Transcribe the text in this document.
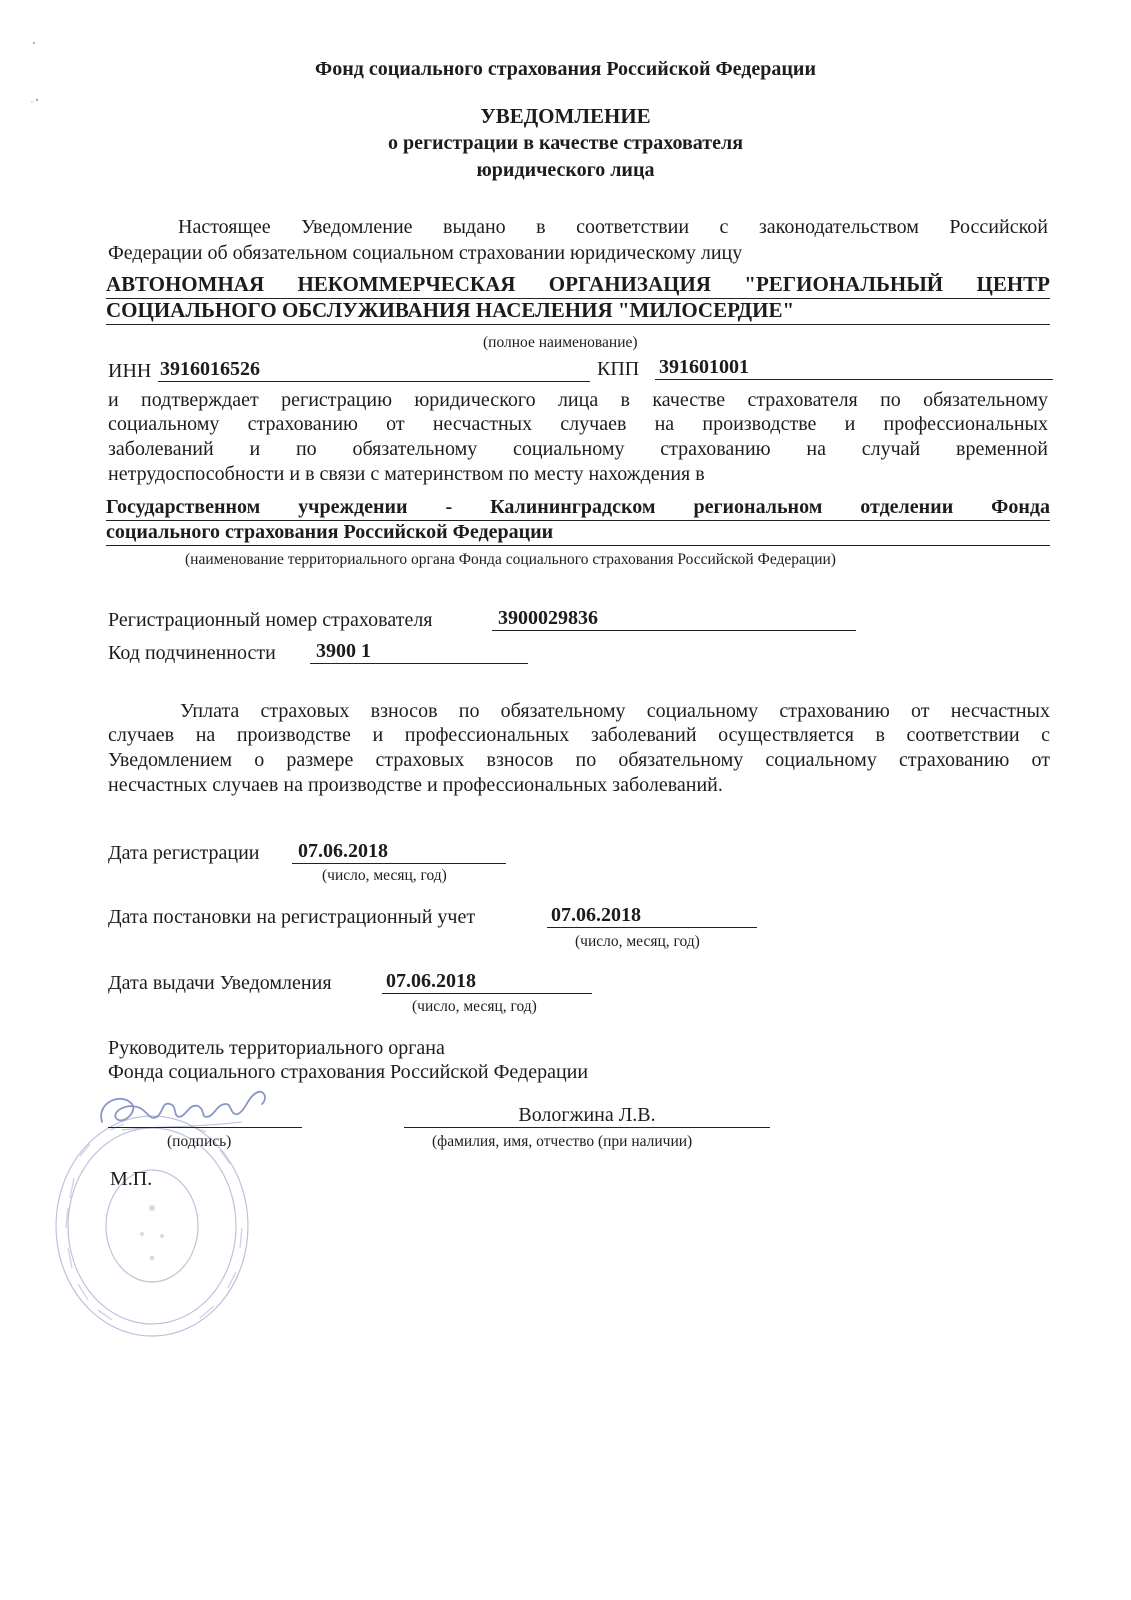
Фонд социального страхования Российской Федерации
УВЕДОМЛЕНИЕ
о регистрации в качестве страхователя
юридического лица
Настоящее Уведомление выдано в соответствии с законодательством Российской
Федерации об обязательном социальном страховании юридическому лицу
АВТОНОМНАЯ НЕКОММЕРЧЕСКАЯ ОРГАНИЗАЦИЯ "РЕГИОНАЛЬНЫЙ ЦЕНТР
СОЦИАЛЬНОГО ОБСЛУЖИВАНИЯ НАСЕЛЕНИЯ "МИЛОСЕРДИЕ"
(полное наименование)
ИНН 3916016526	КПП 391601001
и подтверждает регистрацию юридического лица в качестве страхователя по обязательному
социальному страхованию от несчастных случаев на производстве и профессиональных
заболеваний и по обязательному социальному страхованию на случай временной
нетрудоспособности и в связи с материнством по месту нахождения в
Государственном учреждении - Калининградском региональном отделении Фонда
социального страхования Российской Федерации
(наименование территориального органа Фонда социального страхования Российской Федерации)
Регистрационный номер страхователя	3900029836
Код подчиненности	3900 1
Уплата страховых взносов по обязательному социальному страхованию от несчастных
случаев на производстве и профессиональных заболеваний осуществляется в соответствии с
Уведомлением о размере страховых взносов по обязательному социальному страхованию от
несчастных случаев на производстве и профессиональных заболеваний.
Дата регистрации	07.06.2018
(число, месяц, год)
Дата постановки на регистрационный учет	07.06.2018
(число, месяц, год)
Дата выдачи Уведомления	07.06.2018
(число, месяц, год)
Руководитель территориального органа
Фонда социального страхования Российской Федерации
(подпись)
Вологжина Л.В.
(фамилия, имя, отчество (при наличии)
М.П.
